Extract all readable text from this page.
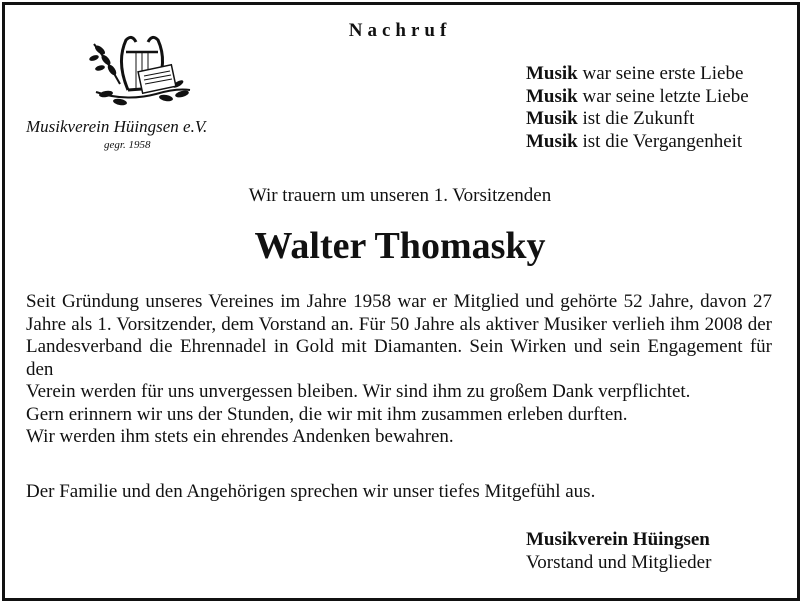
Nachruf
Musikverein Hüingsen e.V.
gegr. 1958
Musik war seine erste Liebe
Musik war seine letzte Liebe
Musik ist die Zukunft
Musik ist die Vergangenheit
Wir trauern um unseren 1. Vorsitzenden
Walter Thomasky

Seit Gründung unseres Vereines im Jahre 1958 war er Mitglied und gehörte 52 Jahre, davon 27 Jahre als 1. Vorsitzender, dem Vorstand an. Für 50 Jahre als aktiver Musiker verlieh ihm 2008 der Landesverband die Ehrennadel in Gold mit Diamanten. Sein Wirken und sein Engagement für den

Verein werden für uns unvergessen bleiben. Wir sind ihm zu großem Dank verpflichtet.

Gern erinnern wir uns der Stunden, die wir mit ihm zusammen erleben durften.

Wir werden ihm stets ein ehrendes Andenken bewahren.

Der Familie und den Angehörigen sprechen wir unser tiefes Mitgefühl aus.
Musikverein Hüingsen
Vorstand und Mitglieder
